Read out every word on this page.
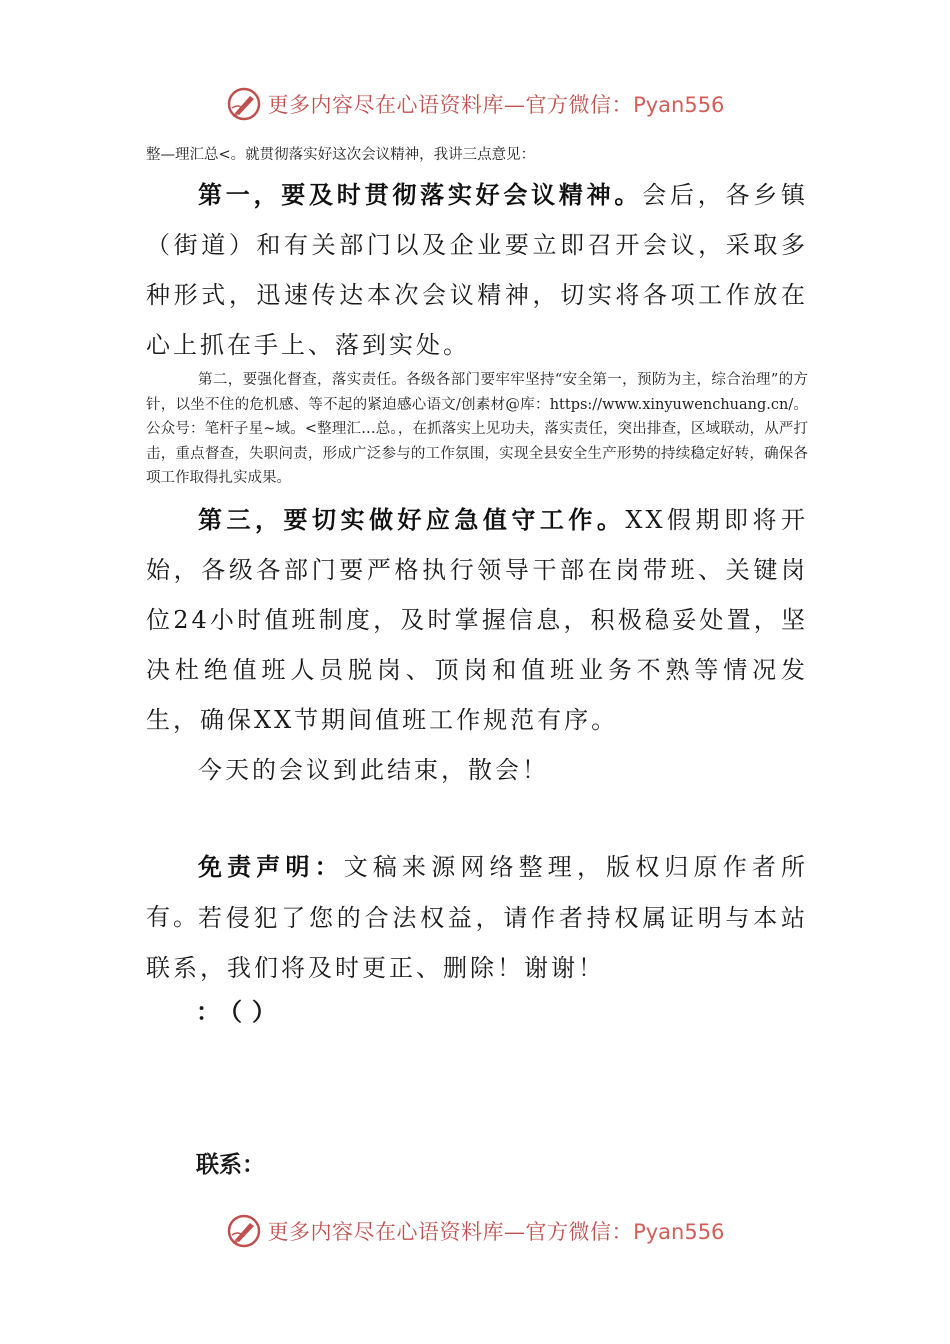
更多内容尽在心语资料库—官方微信：Pyan556
整—理汇总<。就贯彻落实好这次会议精神，我讲三点意见：
第一，要及时贯彻落实好会议精神。会后，各乡镇（街道）和有关部门以及企业要立即召开会议，采取多种形式，迅速传达本次会议精神，切实将各项工作放在心上抓在手上、落到实处。
第二，要强化督查，落实责任。各级各部门要牢牢坚持“安全第一，预防为主，综合治理”的方针，以坐不住的危机感、等不起的紧迫感心语文/创素材@库：https://www.xinyuwenchuang.cn/。公众号：笔杆子星~域。<整理汇…总。，在抓落实上见功夫，落实责任，突出排查，区域联动，从严打击，重点督查，失职问责，形成广泛参与的工作氛围，实现全县安全生产形势的持续稳定好转，确保各项工作取得扎实成果。
第三，要切实做好应急值守工作。XX假期即将开始，各级各部门要严格执行领导干部在岗带班、关键岗位24小时值班制度，及时掌握信息，积极稳妥处置，坚决杜绝值班人员脱岗、顶岗和值班业务不熟等情况发生，确保XX节期间值班工作规范有序。
今天的会议到此结束，散会！
免责声明：文稿来源网络整理，版权归原作者所有。
若侵犯了您的合法权益，请作者持权属证明与本站联系，我们将及时更正、删除！谢谢！
：（）
联系：
更多内容尽在心语资料库—官方微信：Pyan556
